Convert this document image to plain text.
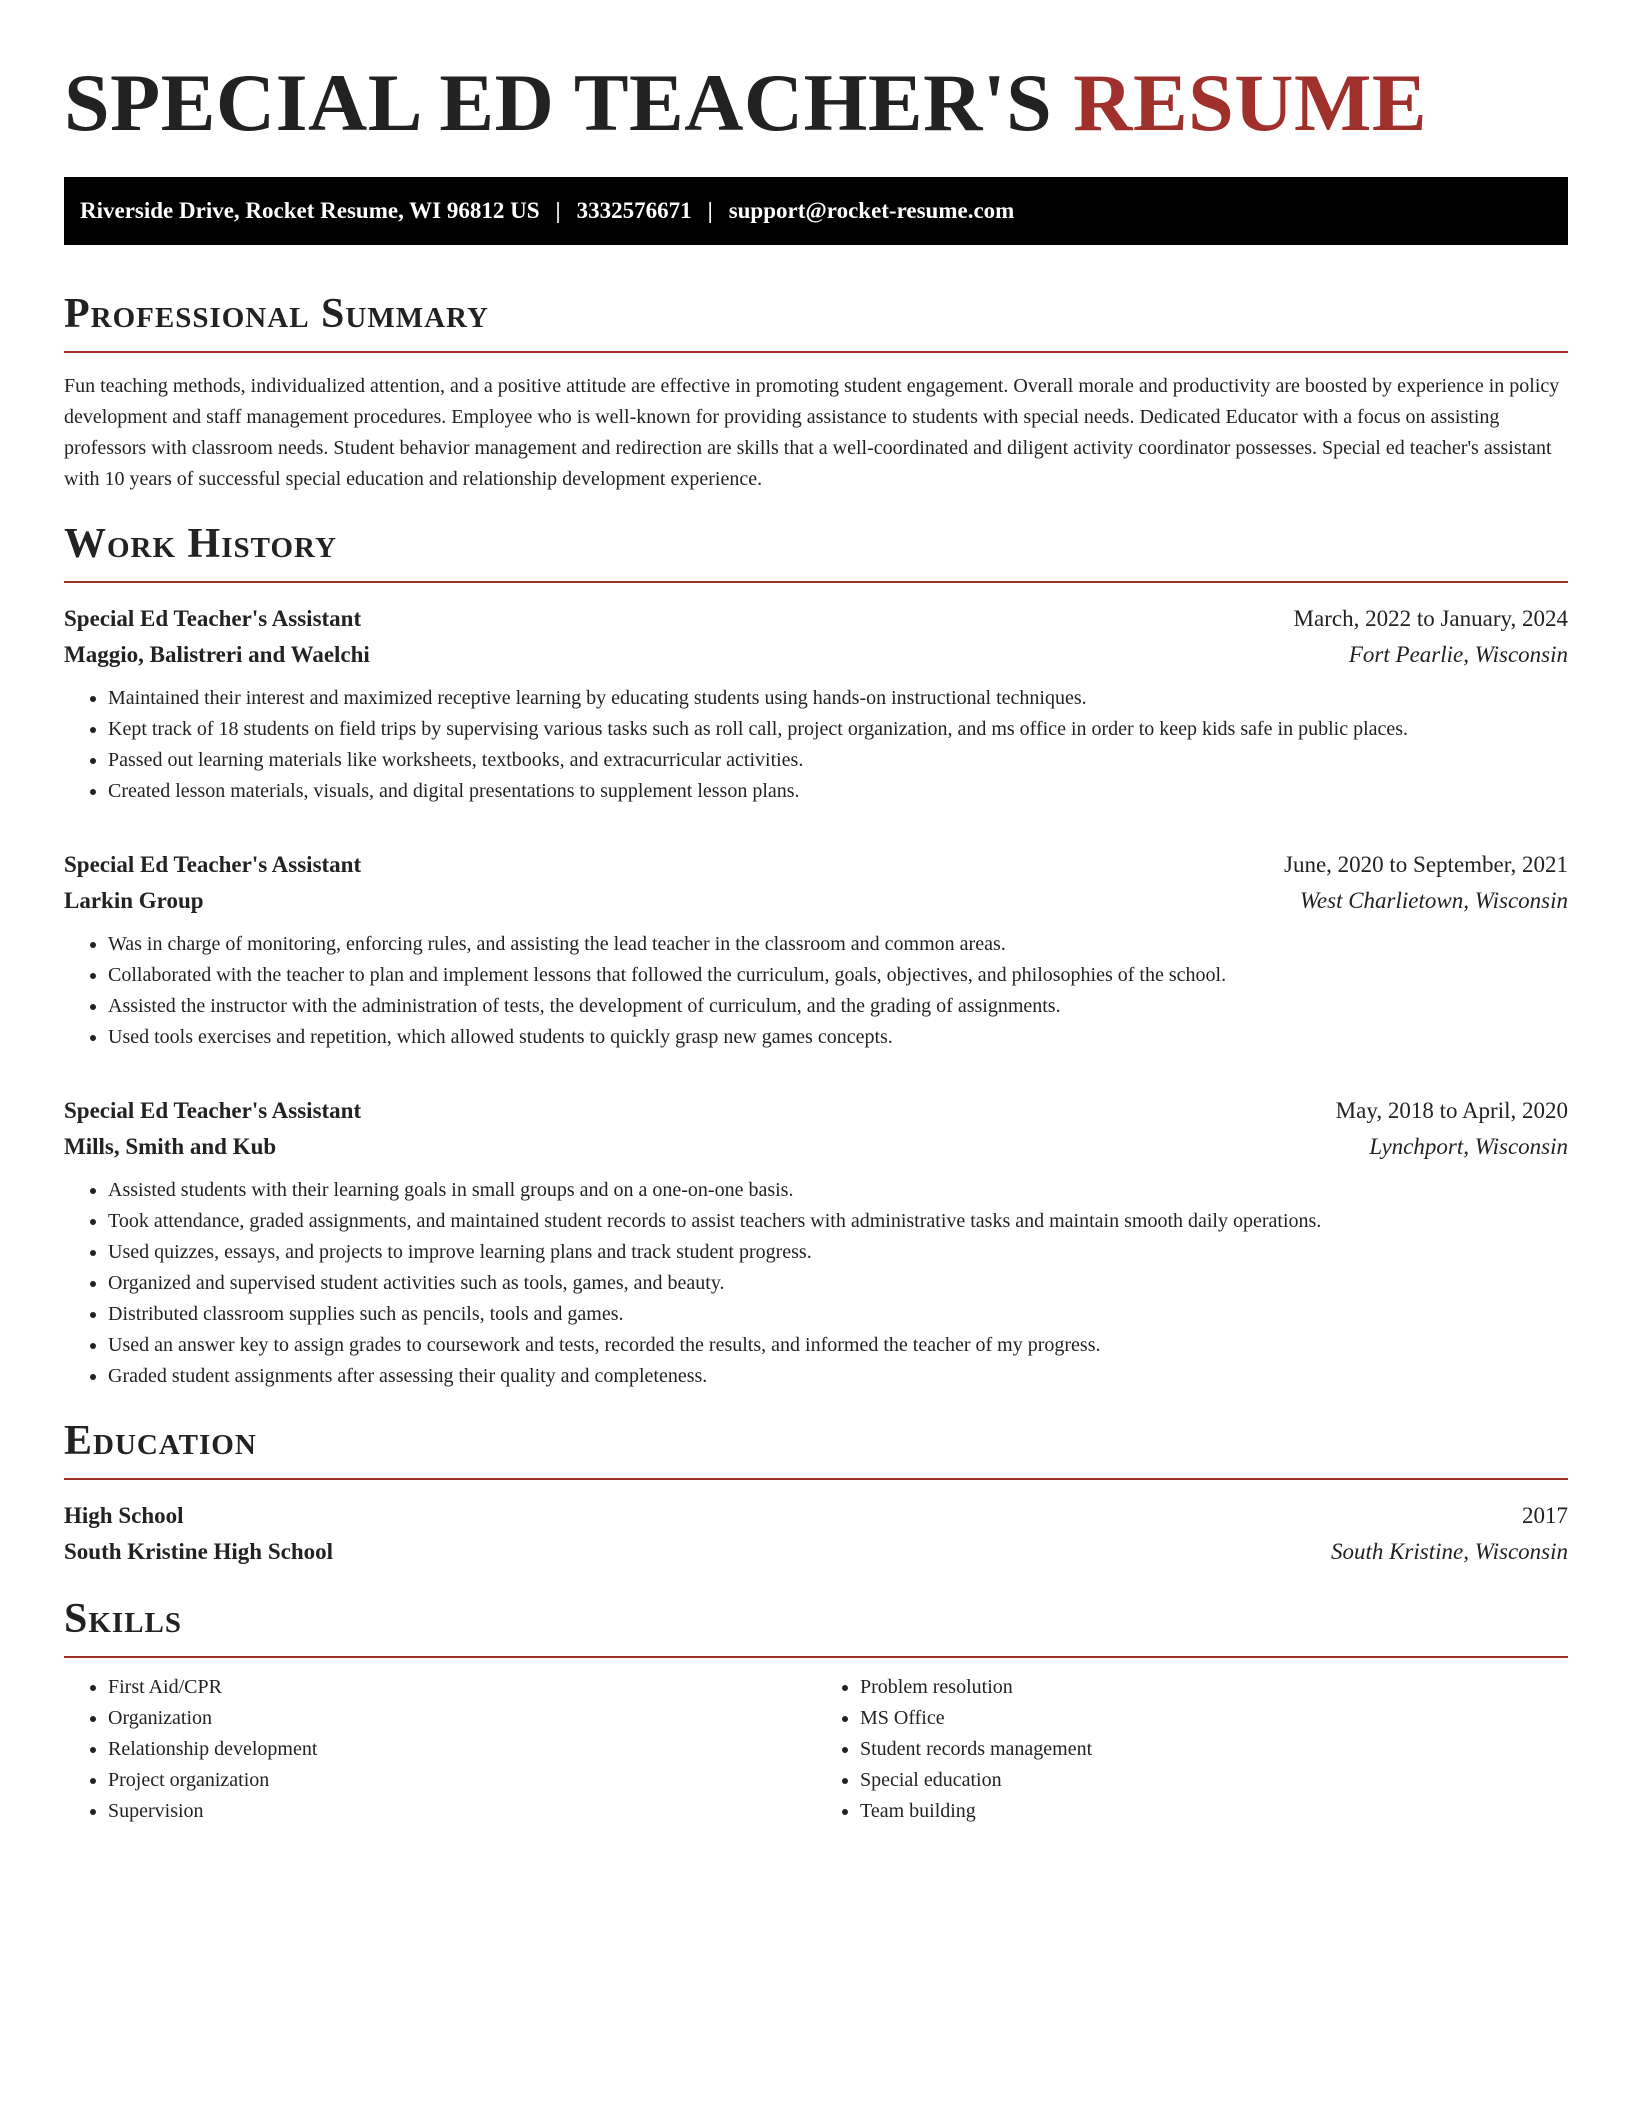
SPECIAL ED TEACHER'S RESUME
Riverside Drive, Rocket Resume, WI 96812 US | 3332576671 | support@rocket-resume.com
Professional Summary

Fun teaching methods, individualized attention, and a positive attitude are effective in promoting student engagement. Overall morale and productivity are boosted by experience in policy development and staff management procedures. Employee who is well-known for providing assistance to students with special needs. Dedicated Educator with a focus on assisting professors with classroom needs. Student behavior management and redirection are skills that a well-coordinated and diligent activity coordinator possesses. Special ed teacher's assistant with 10 years of successful special education and relationship development experience.

Work History
Special Ed Teacher's Assistant	March, 2022 to January, 2024
Maggio, Balistreri and Waelchi	Fort Pearlie, Wisconsin
• Maintained their interest and maximized receptive learning by educating students using hands-on instructional techniques.
• Kept track of 18 students on field trips by supervising various tasks such as roll call, project organization, and ms office in order to keep kids safe in public places.
• Passed out learning materials like worksheets, textbooks, and extracurricular activities.
• Created lesson materials, visuals, and digital presentations to supplement lesson plans.
Special Ed Teacher's Assistant	June, 2020 to September, 2021
Larkin Group	West Charlietown, Wisconsin
• Was in charge of monitoring, enforcing rules, and assisting the lead teacher in the classroom and common areas.
• Collaborated with the teacher to plan and implement lessons that followed the curriculum, goals, objectives, and philosophies of the school.
• Assisted the instructor with the administration of tests, the development of curriculum, and the grading of assignments.
• Used tools exercises and repetition, which allowed students to quickly grasp new games concepts.
Special Ed Teacher's Assistant	May, 2018 to April, 2020
Mills, Smith and Kub	Lynchport, Wisconsin
• Assisted students with their learning goals in small groups and on a one-on-one basis.
• Took attendance, graded assignments, and maintained student records to assist teachers with administrative tasks and maintain smooth daily operations.
• Used quizzes, essays, and projects to improve learning plans and track student progress.
• Organized and supervised student activities such as tools, games, and beauty.
• Distributed classroom supplies such as pencils, tools and games.
• Used an answer key to assign grades to coursework and tests, recorded the results, and informed the teacher of my progress.
• Graded student assignments after assessing their quality and completeness.
Education
High School	2017
South Kristine High School	South Kristine, Wisconsin
Skills
• First Aid/CPR
• Organization
• Relationship development
• Project organization
• Supervision
• Problem resolution
• MS Office
• Student records management
• Special education
• Team building
